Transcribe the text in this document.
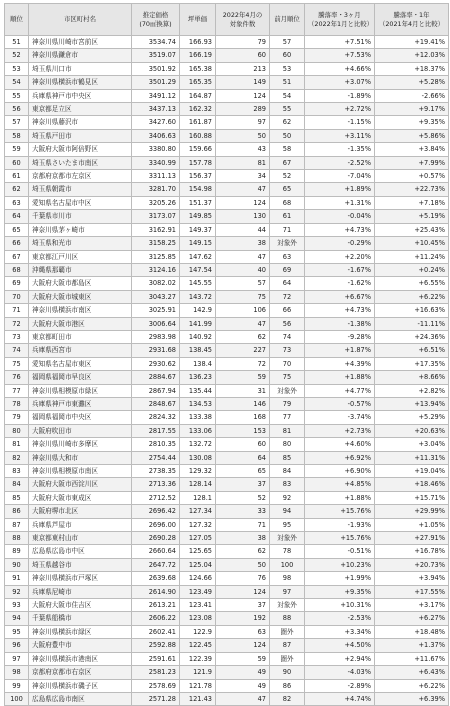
順位	市区町村名	推定価格
(70㎡換算)	坪単価	2022年4月の
対象件数	前月順位	騰落率・3ヶ月
（2022年1月と比較）	騰落率・1年
（2021年4月と比較）
51	神奈川県川崎市宮前区	3534.74	166.93	79	57	+7.51%	+19.41%
52	神奈川県鎌倉市	3519.07	166.19	60	60	+7.53%	+12.03%
53	埼玉県川口市	3501.92	165.38	213	53	+4.66%	+18.37%
54	神奈川県横浜市鶴見区	3501.29	165.35	149	51	+3.07%	+5.28%
55	兵庫県神戸市中央区	3491.12	164.87	124	54	-1.89%	-2.66%
56	東京都足立区	3437.13	162.32	289	55	+2.72%	+9.17%
57	神奈川県藤沢市	3427.60	161.87	97	62	-1.15%	+9.35%
58	埼玉県戸田市	3406.63	160.88	50	50	+3.11%	+5.86%
59	大阪府大阪市阿倍野区	3380.80	159.66	43	58	-1.35%	+3.84%
60	埼玉県さいたま市南区	3340.99	157.78	81	67	-2.52%	+7.99%
61	京都府京都市左京区	3311.13	156.37	34	52	-7.04%	+0.57%
62	埼玉県朝霞市	3281.70	154.98	47	65	+1.89%	+22.73%
63	愛知県名古屋市中区	3205.26	151.37	124	68	+1.31%	+7.18%
64	千葉県市川市	3173.07	149.85	130	61	-0.04%	+5.19%
65	神奈川県茅ヶ崎市	3162.91	149.37	44	71	+4.73%	+25.43%
66	埼玉県和光市	3158.25	149.15	38	対象外	-0.29%	+10.45%
67	東京都江戸川区	3125.85	147.62	47	63	+2.20%	+11.24%
68	沖縄県那覇市	3124.16	147.54	40	69	-1.67%	+0.24%
69	大阪府大阪市都島区	3082.02	145.55	57	64	-1.62%	+6.55%
70	大阪府大阪市城東区	3043.27	143.72	75	72	+6.67%	+6.22%
71	神奈川県横浜市南区	3025.91	142.9	106	66	+4.73%	+16.63%
72	大阪府大阪市港区	3006.64	141.99	47	56	-1.38%	-11.11%
73	東京都町田市	2983.98	140.92	62	74	-9.28%	+24.36%
74	兵庫県西宮市	2931.68	138.45	227	73	+1.87%	+6.51%
75	愛知県名古屋市東区	2930.62	138.4	72	70	+4.39%	+17.35%
76	福岡県福岡市早良区	2884.67	136.23	59	75	+1.88%	+8.66%
77	神奈川県相模原市緑区	2867.94	135.44	31	対象外	+4.77%	+2.82%
78	兵庫県神戸市東灘区	2848.67	134.53	146	79	-0.57%	+13.94%
79	福岡県福岡市中央区	2824.32	133.38	168	77	-3.74%	+5.29%
80	大阪府吹田市	2817.55	133.06	153	81	+2.73%	+20.63%
81	神奈川県川崎市多摩区	2810.35	132.72	60	80	+4.60%	+3.04%
82	神奈川県大和市	2754.44	130.08	64	85	+6.92%	+11.31%
83	神奈川県相模原市南区	2738.35	129.32	65	84	+6.90%	+19.04%
84	大阪府大阪市西淀川区	2713.36	128.14	37	83	+4.85%	+18.46%
85	大阪府大阪市東成区	2712.52	128.1	52	92	+1.88%	+15.71%
86	大阪府堺市北区	2696.42	127.34	33	94	+15.76%	+29.99%
87	兵庫県芦屋市	2696.00	127.32	71	95	-1.93%	+1.05%
88	東京都東村山市	2690.28	127.05	38	対象外	+15.76%	+27.91%
89	広島県広島市中区	2660.64	125.65	62	78	-0.51%	+16.78%
90	埼玉県越谷市	2647.72	125.04	50	100	+10.23%	+20.73%
91	神奈川県横浜市戸塚区	2639.68	124.66	76	98	+1.99%	+3.94%
92	兵庫県尼崎市	2614.90	123.49	124	97	+9.35%	+17.55%
93	大阪府大阪市住吉区	2613.21	123.41	37	対象外	+10.31%	+3.17%
94	千葉県船橋市	2606.22	123.08	192	88	-2.53%	+6.27%
95	神奈川県横浜市緑区	2602.41	122.9	63	圏外	+3.34%	+18.48%
96	大阪府豊中市	2592.88	122.45	124	87	+4.50%	+1.37%
97	神奈川県横浜市港南区	2591.61	122.39	59	圏外	+2.94%	+11.67%
98	京都府京都市右京区	2581.23	121.9	49	90	-4.03%	+6.43%
99	神奈川県横浜市磯子区	2578.69	121.78	49	86	-2.89%	+6.22%
100	広島県広島市南区	2571.28	121.43	47	82	+4.74%	+6.39%
